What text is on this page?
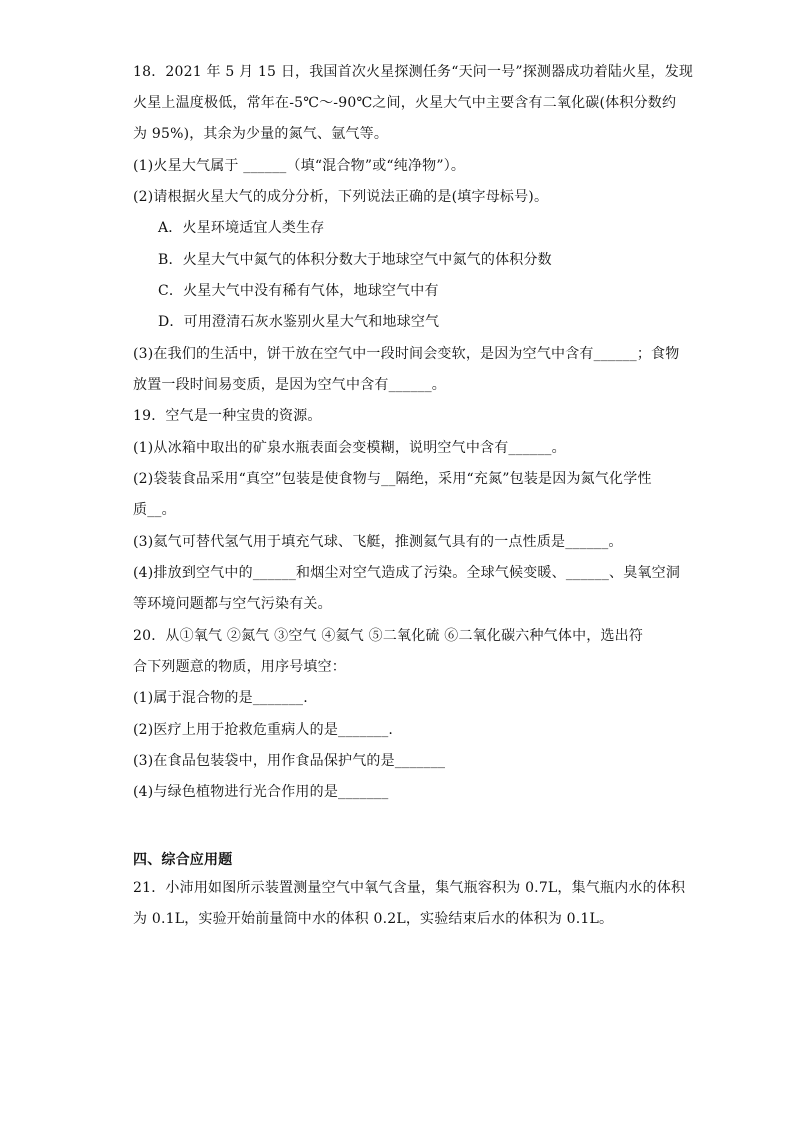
18．2021 年 5 月 15 日，我国首次火星探测任务“天问一号”探测器成功着陆火星，发现
火星上温度极低，常年在-5℃～-90℃之间，火星大气中主要含有二氧化碳(体积分数约
为 95%)，其余为少量的氮气、氩气等。
(1)火星大气属于 ______（填“混合物”或“纯净物”）。
(2)请根据火星大气的成分分析，下列说法正确的是(填字母标号)。
A．火星环境适宜人类生存
B．火星大气中氮气的体积分数大于地球空气中氮气的体积分数
C．火星大气中没有稀有气体，地球空气中有
D．可用澄清石灰水鉴别火星大气和地球空气
(3)在我们的生活中，饼干放在空气中一段时间会变软，是因为空气中含有______；食物
放置一段时间易变质，是因为空气中含有______。
19．空气是一种宝贵的资源。
(1)从冰箱中取出的矿泉水瓶表面会变模糊，说明空气中含有______。
(2)袋装食品采用“真空”包装是使食物与__隔绝，采用“充氮”包装是因为氮气化学性
质__。
(3)氦气可替代氢气用于填充气球、飞艇，推测氦气具有的一点性质是______。
(4)排放到空气中的______和烟尘对空气造成了污染。全球气候变暖、______、臭氧空洞
等环境问题都与空气污染有关。
20．从①氧气 ②氮气 ③空气 ④氦气 ⑤二氧化硫 ⑥二氧化碳六种气体中，选出符
合下列题意的物质，用序号填空：
(1)属于混合物的是_______.
(2)医疗上用于抢救危重病人的是_______.
(3)在食品包装袋中，用作食品保护气的是_______
(4)与绿色植物进行光合作用的是_______
四、综合应用题
21．小沛用如图所示装置测量空气中氧气含量，集气瓶容积为 0.7L，集气瓶内水的体积
为 0.1L，实验开始前量筒中水的体积 0.2L，实验结束后水的体积为 0.1L。
